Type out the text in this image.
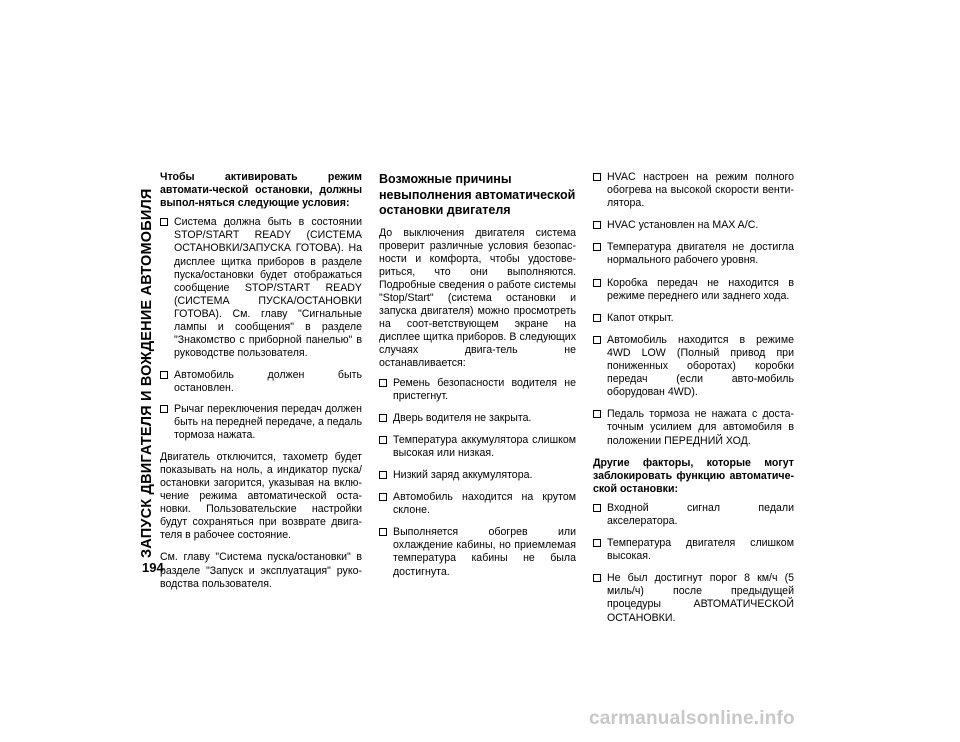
ЗАПУСК ДВИГАТЕЛЯ И ВОЖДЕНИЕ АВТОМОБИЛЯ
194
Чтобы активировать режим автомати-ческой остановки, должны выпол-няться следующие условия:
Система должна быть в состоянии STOP/START READY (СИСТЕМА ОСТАНОВКИ/ЗАПУСКА ГОТОВА). На дисплее щитка приборов в разделе пуска/остановки будет отображаться сообщение STOP/START READY (СИСТЕМА ПУСКА/ОСТАНОВКИ ГОТОВА). См. главу "Сигнальные лампы и сообщения" в разделе "Знакомство с приборной панелью" в руководстве пользователя.
Автомобиль должен быть остановлен.
Рычаг переключения передач должен быть на передней передаче, а педаль тормоза нажата.

Двигатель отключится, тахометр будет показывать на ноль, а индикатор пуска/остановки загорится, указывая на вклю-чение режима автоматической оста-новки. Пользовательские настройки будут сохраняться при возврате двига-теля в рабочее состояние.

См. главу "Система пуска/остановки" в разделе "Запуск и эксплуатация" руко-водства пользователя.

Возможные причины невыполнения автоматической остановки двигателя

До выключения двигателя система проверит различные условия безопас-ности и комфорта, чтобы удостове-риться, что они выполняются. Подробные сведения о работе системы "Stop/Start" (система остановки и запуска двигателя) можно просмотреть на соот-ветствующем экране на дисплее щитка приборов. В следующих случаях двига-тель не останавливается:

Ремень безопасности водителя не пристегнут.
Дверь водителя не закрыта.
Температура аккумулятора слишком высокая или низкая.
Низкий заряд аккумулятора.
Автомобиль находится на крутом склоне.
Выполняется обогрев или охлаждение кабины, но приемлемая температура кабины не была достигнута.
HVAC настроен на режим полного обогрева на высокой скорости венти-лятора.
HVAC установлен на MAX A/C.
Температура двигателя не достигла нормального рабочего уровня.
Коробка передач не находится в режиме переднего или заднего хода.
Капот открыт.
Автомобиль находится в режиме 4WD LOW (Полный привод при пониженных оборотах) коробки передач (если авто-мобиль оборудован 4WD).
Педаль тормоза не нажата с доста-точным усилием для автомобиля в положении ПЕРЕДНИЙ ХОД.
Другие факторы, которые могут заблокировать функцию автоматиче-ской остановки:
Входной сигнал педали акселератора.
Температура двигателя слишком высокая.
Не был достигнут порог 8 км/ч (5 миль/ч) после предыдущей процедуры АВТОМАТИЧЕСКОЙ ОСТАНОВКИ.
carmanualsonline.info
